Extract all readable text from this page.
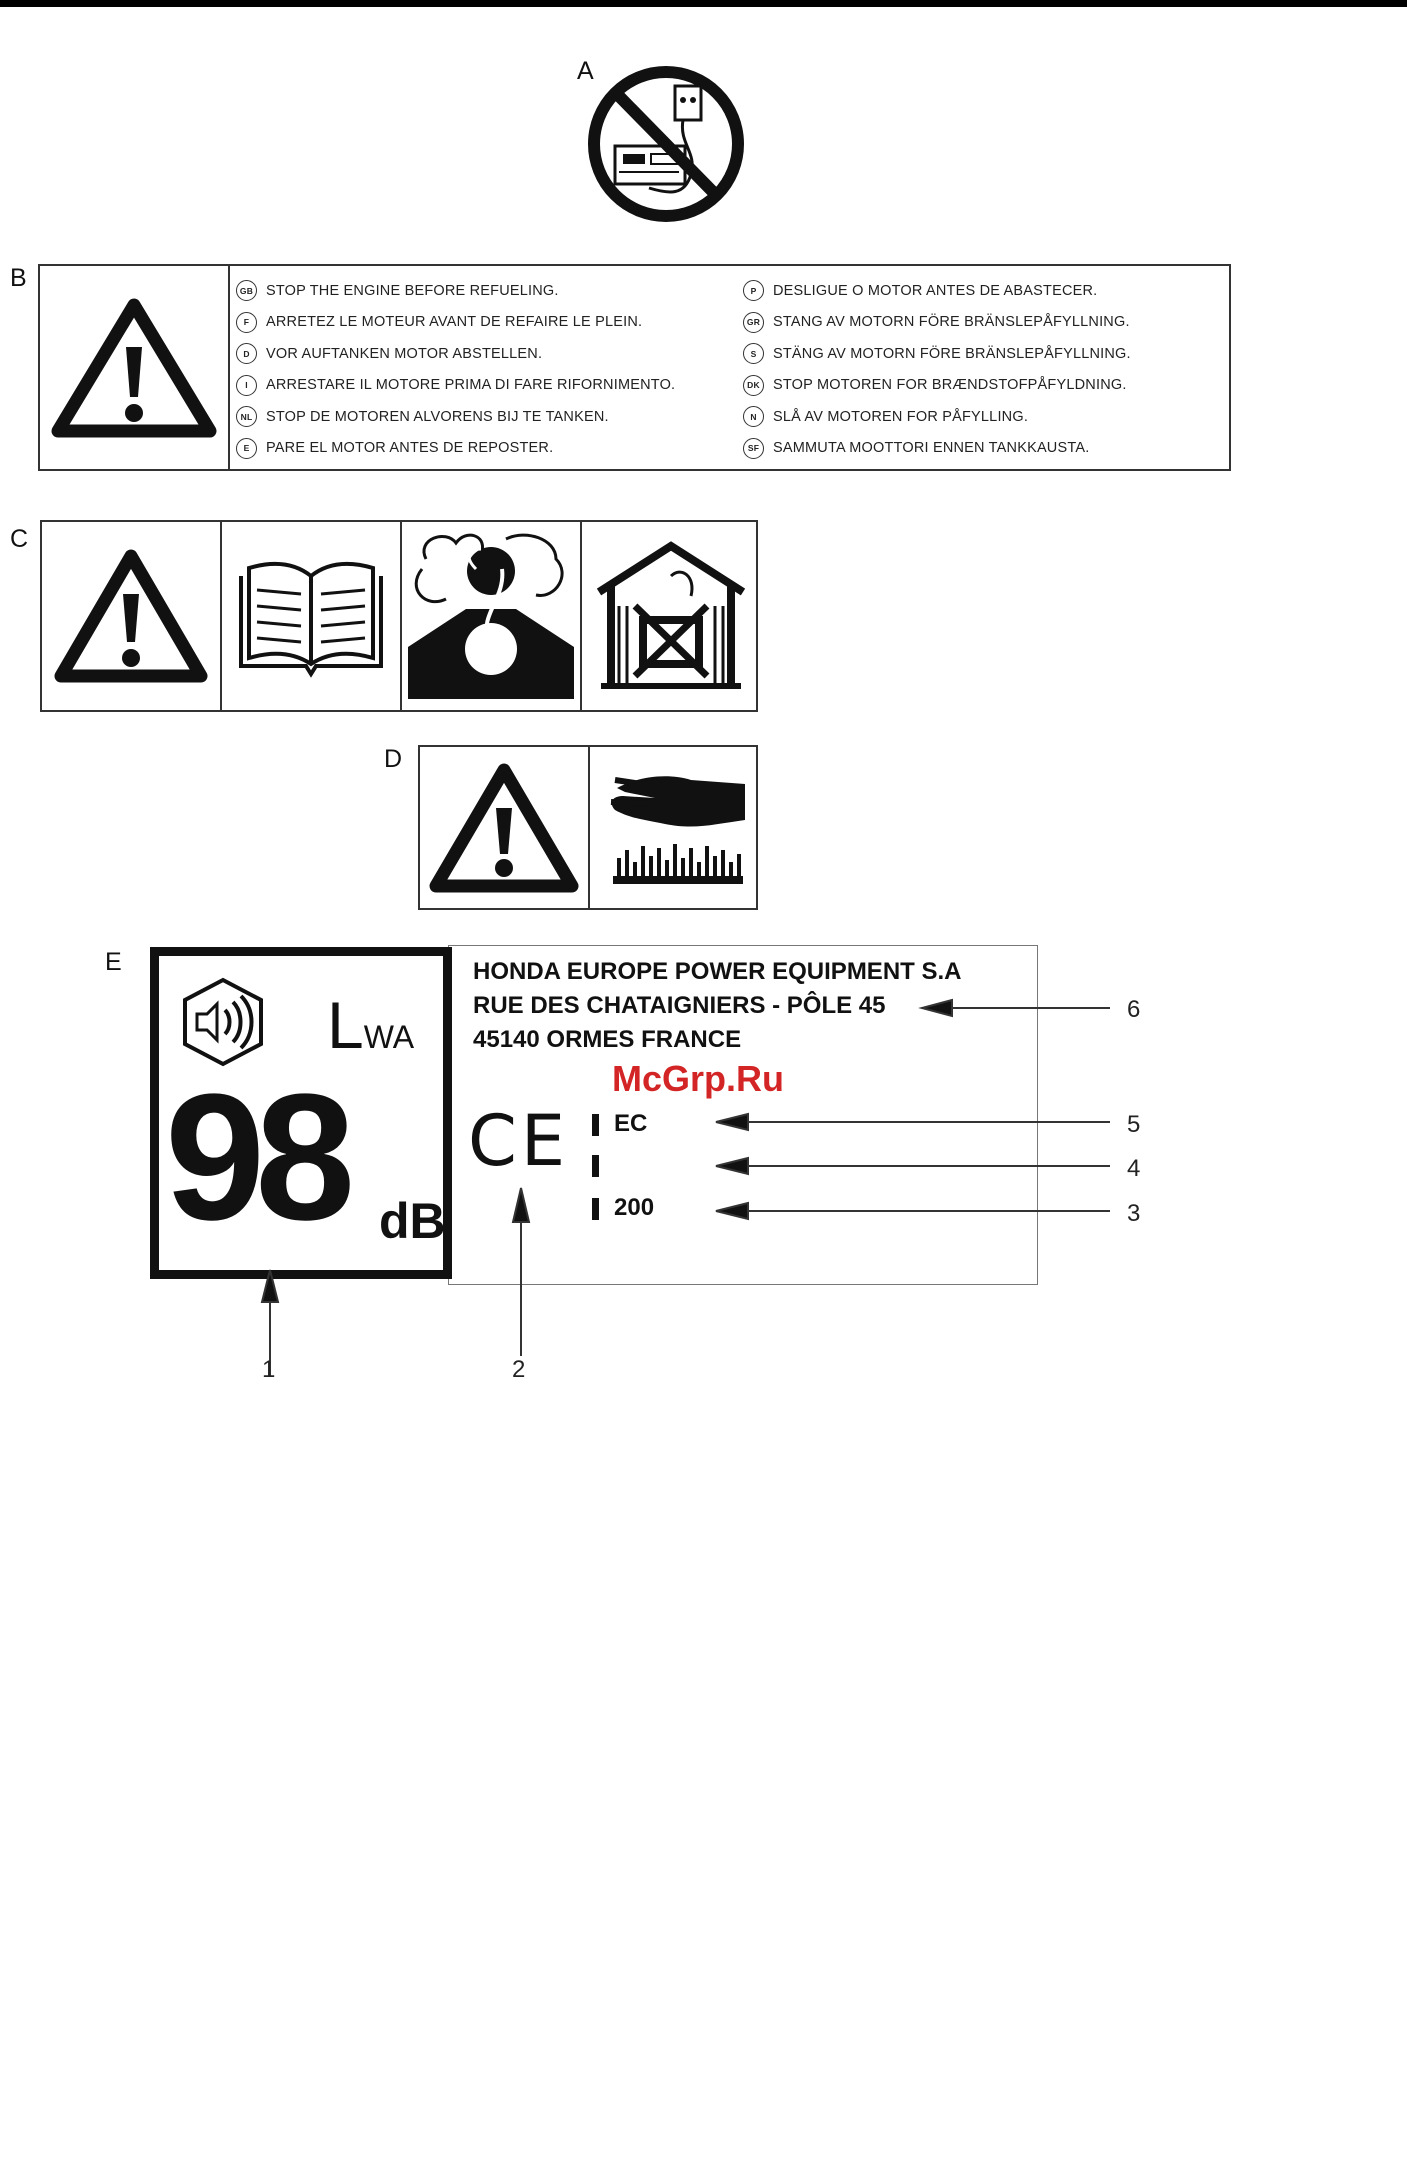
A
B	GB STOP THE ENGINE BEFORE REFUELING.
F	ARRETEZ LE MOTEUR AVANT DE REFAIRE LE PLEIN.
D	VOR AUFTANKEN MOTOR ABSTELLEN.
I	ARRESTARE IL MOTORE PRIMA DI FARE RIFORNIMENTO.
NL STOP DE MOTOREN ALVORENS BIJ TE TANKEN.
E	PARE EL MOTOR ANTES DE REPOSTER.
P	DESLIGUE O MOTOR ANTES DE ABASTECER.
GR STANG AV MOTORN FÖRE BRÄNSLEPÅFYLLNING.
S	STÄNG AV MOTORN FÖRE BRÄNSLEPÅFYLLNING.
DK STOP MOTOREN FOR BRÆNDSTOFPÅFYLDNING.
N	SLÅ AV MOTOREN FOR PÅFYLLING.
SF SAMMUTA MOOTTORI ENNEN TANKKAUSTA.
C
D
E
LWA
98 dB
HONDA EUROPE POWER EQUIPMENT S.A
RUE DES CHATAIGNIERS - PÔLE 45
45140 ORMES FRANCE
McGrp.Ru
CE EC
200
1	2
3
4
5
6
